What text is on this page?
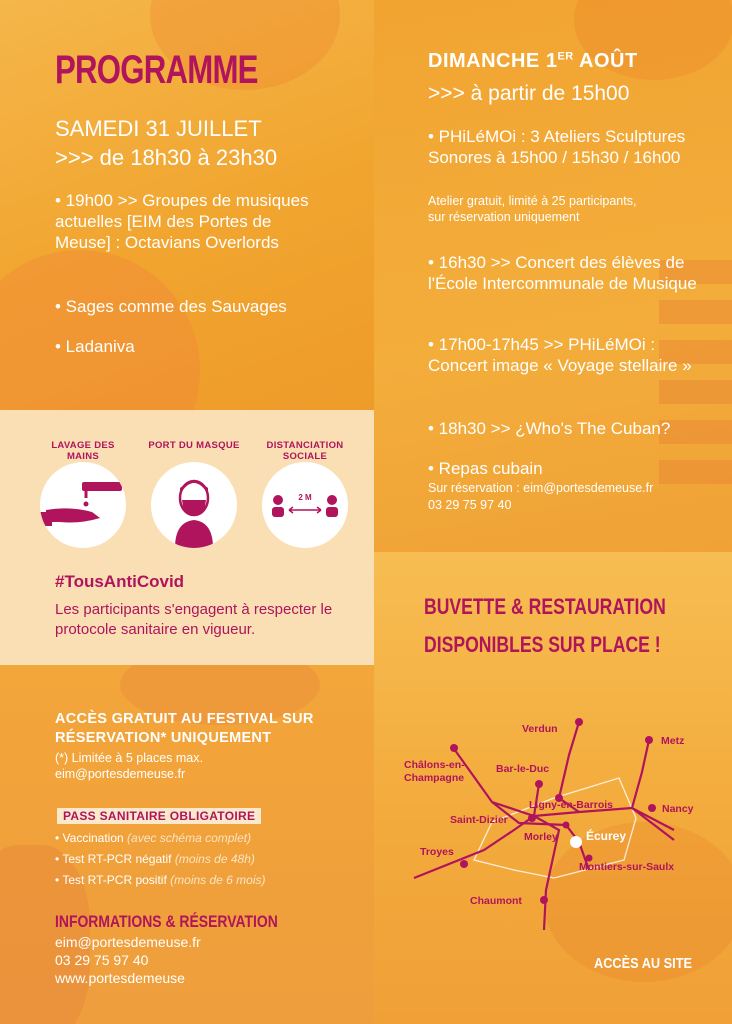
PROGRAMME
SAMEDI 31 JUILLET
>>> de 18h30 à 23h30
• 19h00 >> Groupes de musiques actuelles [EIM des Portes de Meuse] : Octavians Overlords
• Sages comme des Sauvages
• Ladaniva
DIMANCHE 1ER AOÛT
>>> à partir de 15h00
• PHiLéMOi : 3 Ateliers Sculptures Sonores à 15h00 / 15h30 / 16h00
Atelier gratuit, limité à 25 participants,
sur réservation uniquement
• 16h30 >> Concert des élèves de l'École Intercommunale de Musique
• 17h00-17h45 >> PHiLéMOi : Concert image « Voyage stellaire »
• 18h30 >> ¿Who's The Cuban?
• Repas cubain
Sur réservation : eim@portesdemeuse.fr
03 29 75 97 40
LAVAGE DES MAINS
PORT DU MASQUE	DISTANCIATION SOCIALE
2 M
#TousAntiCovid
Les participants s'engagent à respecter le protocole sanitaire en vigueur.
ACCÈS GRATUIT AU FESTIVAL SUR
RÉSERVATION* UNIQUEMENT
(*) Limitée à 5 places max.
eim@portesdemeuse.fr
PASS SANITAIRE OBLIGATOIRE
• Vaccination (avec schéma complet)
• Test RT-PCR négatif (moins de 48h)
• Test RT-PCR positif (moins de 6 mois)
INFORMATIONS & RÉSERVATION
eim@portesdemeuse.fr
03 29 75 97 40
www.portesdemeuse
BUVETTE & RESTAURATION
DISPONIBLES SUR PLACE !
Verdun
Metz
Châlons-en-
Champagne
Bar-le-Duc
Ligny-en-Barrois	Nancy
Saint-Dizier
Morley Écurey
Troyes
Montiers-sur-Saulx
Chaumont
ACCÈS AU SITE
